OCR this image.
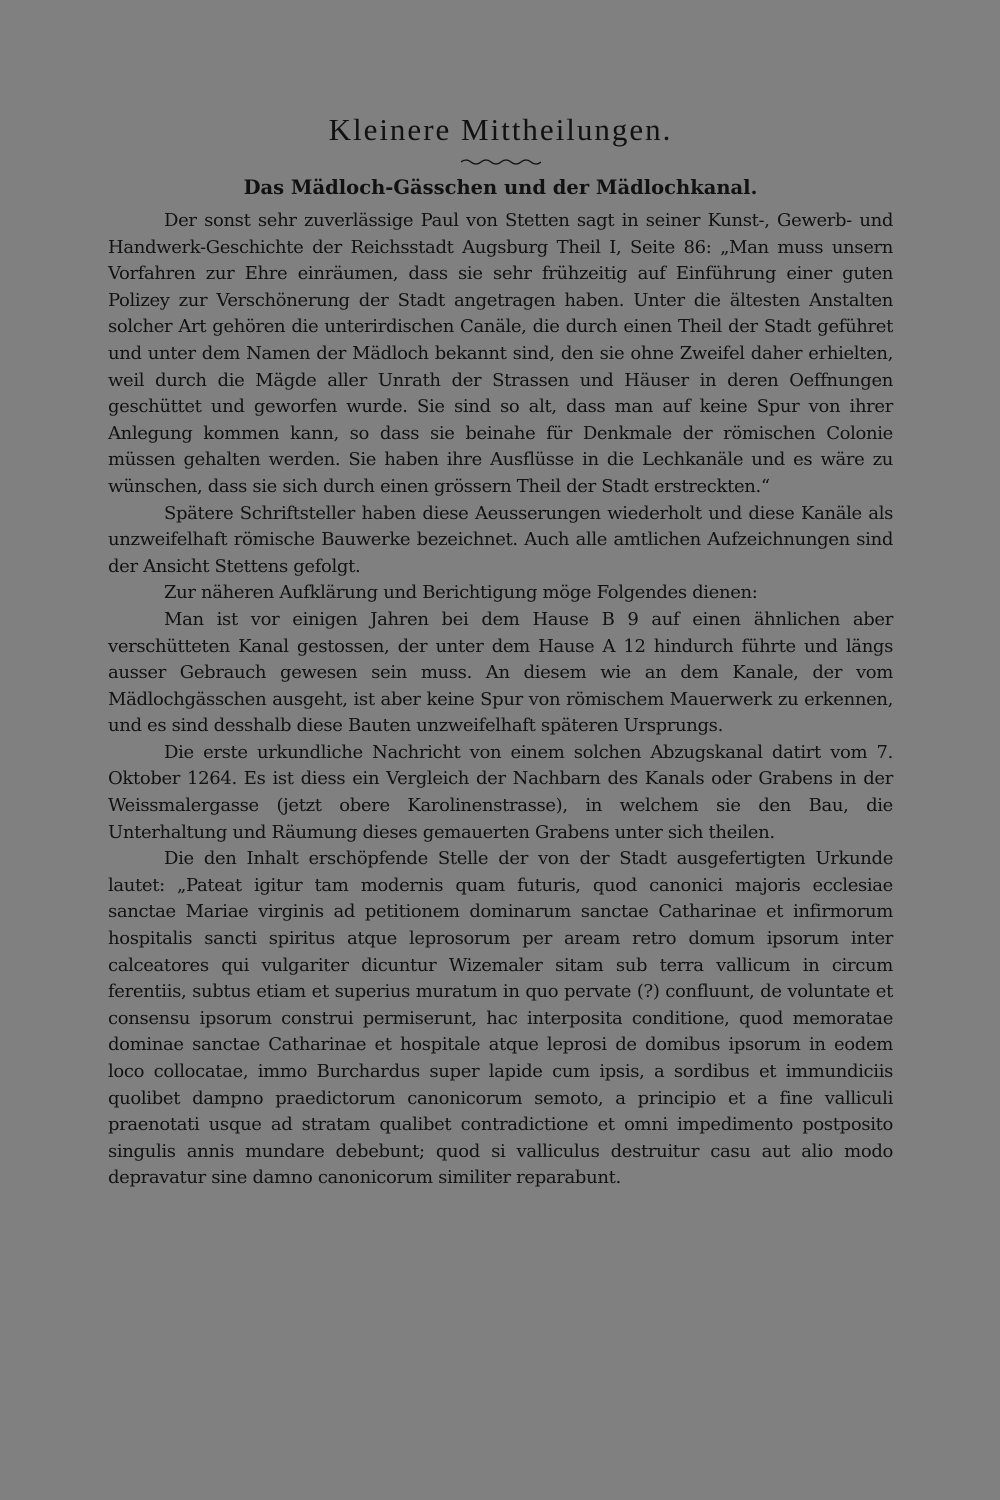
Kleinere Mittheilungen.
Das Mädloch-Gässchen und der Mädlochkanal.

Der sonst sehr zuverlässige Paul von Stetten sagt in seiner Kunst-, Gewerb- und Handwerk-Geschichte der Reichsstadt Augsburg Theil I, Seite 86: „Man muss unsern Vorfahren zur Ehre einräumen, dass sie sehr frühzeitig auf Einführung einer guten Polizey zur Verschönerung der Stadt angetragen haben. Unter die ältesten Anstalten solcher Art gehören die unterirdischen Canäle, die durch einen Theil der Stadt geführet und unter dem Namen der Mädloch bekannt sind, den sie ohne Zweifel daher erhielten, weil durch die Mägde aller Unrath der Strassen und Häuser in deren Oeffnungen geschüttet und geworfen wurde. Sie sind so alt, dass man auf keine Spur von ihrer Anlegung kommen kann, so dass sie beinahe für Denkmale der römischen Colonie müssen gehalten werden. Sie haben ihre Ausflüsse in die Lechkanäle und es wäre zu wünschen, dass sie sich durch einen grössern Theil der Stadt erstreckten.“

Spätere Schriftsteller haben diese Aeusserungen wiederholt und diese Kanäle als unzweifelhaft römische Bauwerke bezeichnet. Auch alle amtlichen Aufzeichnungen sind der Ansicht Stettens gefolgt.

Zur näheren Aufklärung und Berichtigung möge Folgendes dienen:

Man ist vor einigen Jahren bei dem Hause B 9 auf einen ähnlichen aber verschütteten Kanal gestossen, der unter dem Hause A 12 hindurch führte und längs ausser Gebrauch gewesen sein muss. An diesem wie an dem Kanale, der vom Mädlochgässchen ausgeht, ist aber keine Spur von römischem Mauerwerk zu erkennen, und es sind desshalb diese Bauten unzweifelhaft späteren Ursprungs.

Die erste urkundliche Nachricht von einem solchen Abzugskanal datirt vom 7. Oktober 1264. Es ist diess ein Vergleich der Nachbarn des Kanals oder Grabens in der Weissmalergasse (jetzt obere Karolinenstrasse), in welchem sie den Bau, die Unterhaltung und Räumung dieses gemauerten Grabens unter sich theilen.

Die den Inhalt erschöpfende Stelle der von der Stadt ausgefertigten Urkunde lautet: „Pateat igitur tam modernis quam futuris, quod canonici majoris ecclesiae sanctae Mariae virginis ad petitionem dominarum sanctae Catharinae et infirmorum hospitalis sancti spiritus atque leprosorum per aream retro domum ipsorum inter calceatores qui vulgariter dicuntur Wizemaler sitam sub terra vallicum in circum ferentiis, subtus etiam et superius muratum in quo pervate (?) confluunt, de voluntate et consensu ipsorum construi permiserunt, hac interposita conditione, quod memoratae dominae sanctae Catharinae et hospitale atque leprosi de domibus ipsorum in eodem loco collocatae, immo Burchardus super lapide cum ipsis, a sordibus et immundiciis quolibet dampno praedictorum canonicorum semoto, a principio et a fine valliculi praenotati usque ad stratam qualibet contradictione et omni impedimento postposito singulis annis mundare debebunt; quod si valliculus destruitur casu aut alio modo depravatur sine damno canonicorum similiter reparabunt.
